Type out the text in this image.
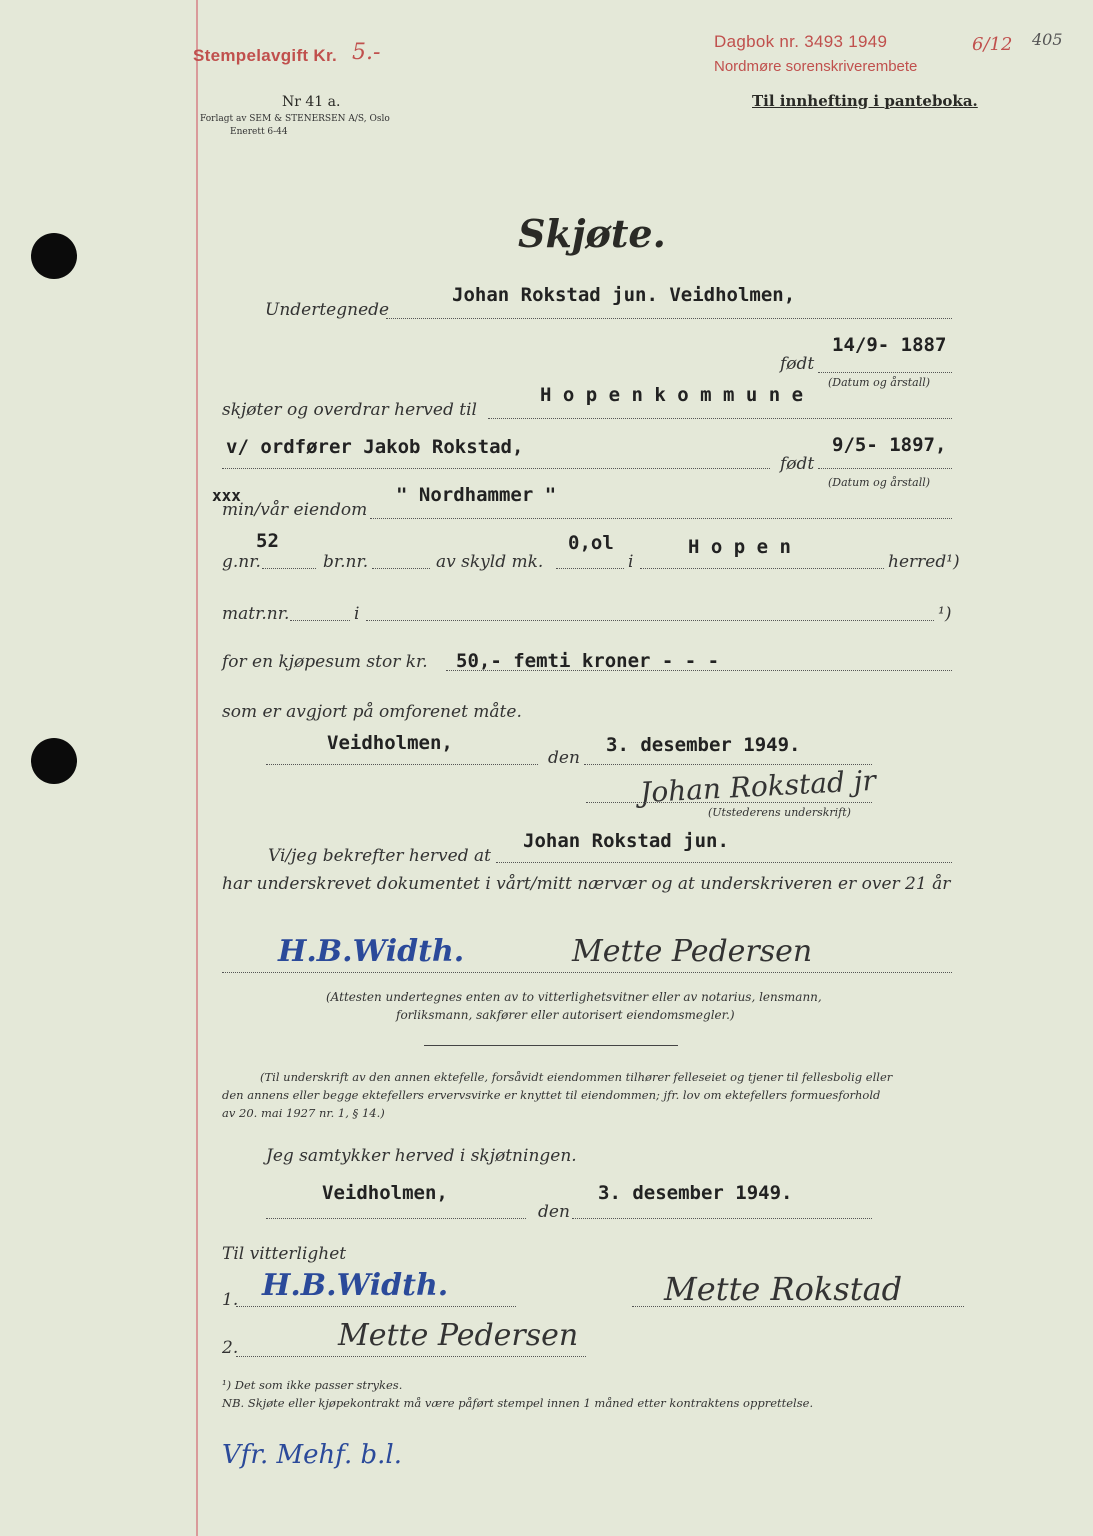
Stempelavgift Kr. 5.-	Dagbok nr. 3493 1949	6/12
Nordmøre sorenskriverembete
405
Nr 41 a.
Forlagt av SEM & STENERSEN A/S, Oslo
Enerett 6-44
Til innhefting i panteboka.
Skjøte.
Undertegnede
Johan Rokstad jun. Veidholmen,
født
14/9- 1887
(Datum og årstall)
skjøter og overdrar herved til
H o p e n k o m m u n e
v/ ordfører Jakob Rokstad,
født
9/5- 1897,
(Datum og årstall)
xxx
min/vår eiendom
" Nordhammer "
g.nr.
52
br.nr.	av skyld mk.
0,ol
i
H o p e n
herred¹)
matr.nr.	i	¹)
for en kjøpesum stor kr. 50,- femti kroner - - -
som er avgjort på omforenet måte.
Veidholmen,
den
3. desember 1949.
Johan Rokstad jr
(Utstederens underskrift)
Johan Rokstad jun.
Vi/jeg bekrefter herved at
har underskrevet dokumentet i vårt/mitt nærvær og at underskriveren er over 21 år
H.B.Width.	Mette Pedersen
(Attesten undertegnes enten av to vitterlighetsvitner eller av notarius, lensmann,
forliksmann, sakfører eller autorisert eiendomsmegler.)
(Til underskrift av den annen ektefelle, forsåvidt eiendommen tilhører felleseiet og tjener til fellesbolig eller
den annens eller begge ektefellers ervervsvirke er knyttet til eiendommen; jfr. lov om ektefellers formuesforhold
av 20. mai 1927 nr. 1, § 14.)
Jeg samtykker herved i skjøtningen.
Veidholmen,
den
3. desember 1949.
Til vitterlighet
1. H.B.Width.	Mette Rokstad
2.	Mette Pedersen
¹) Det som ikke passer strykes.
NB. Skjøte eller kjøpekontrakt må være påført stempel innen 1 måned etter kontraktens opprettelse.
Vfr. Mehf. b.l.
